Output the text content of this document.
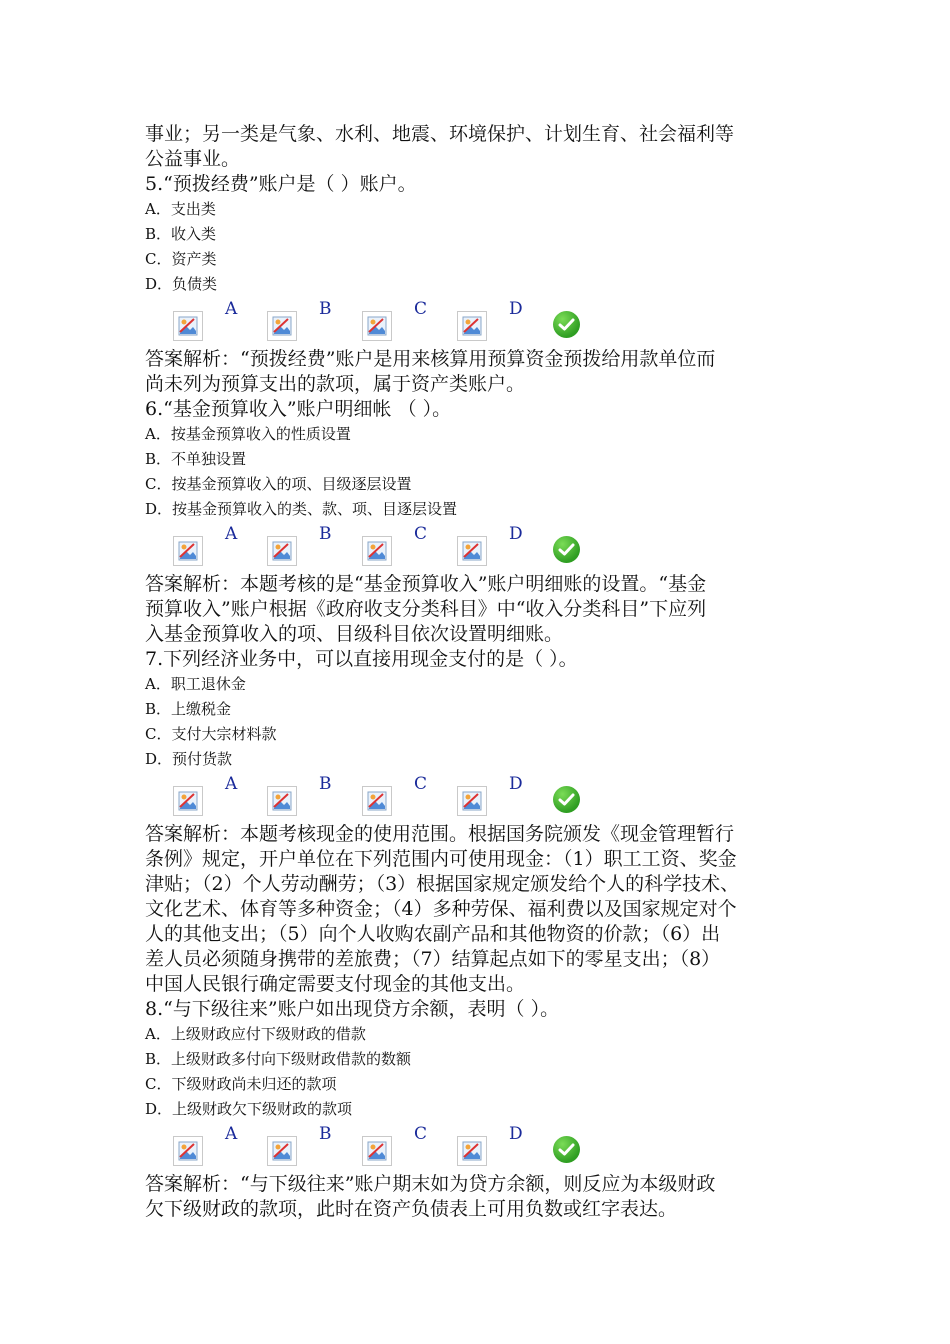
事业；另一类是气象、水利、地震、环境保护、计划生育、社会福利等

公益事业。

5.“预拨经费”账户是（ ）账户。

A．支出类

B．收入类

C．资产类

D．负债类

A	B	C	D

答案解析：“预拨经费”账户是用来核算用预算资金预拨给用款单位而

尚未列为预算支出的款项，属于资产类账户。

6.“基金预算收入”账户明细帐 （ ）。

A．按基金预算收入的性质设置

B．不单独设置

C．按基金预算收入的项、目级逐层设置

D．按基金预算收入的类、款、项、目逐层设置

A	B	C	D

答案解析：本题考核的是“基金预算收入”账户明细账的设置。“基金

预算收入”账户根据《政府收支分类科目》中“收入分类科目”下应列

入基金预算收入的项、目级科目依次设置明细账。

7.下列经济业务中，可以直接用现金支付的是（ ）。

A．职工退休金

B．上缴税金

C．支付大宗材料款

D．预付货款

A	B	C	D

答案解析：本题考核现金的使用范围。根据国务院颁发《现金管理暂行

条例》规定，开户单位在下列范围内可使用现金：（1）职工工资、奖金

津贴；（2）个人劳动酬劳；（3）根据国家规定颁发给个人的科学技术、

文化艺术、体育等多种资金；（4）多种劳保、福利费以及国家规定对个

人的其他支出；（5）向个人收购农副产品和其他物资的价款；（6）出

差人员必须随身携带的差旅费；（7）结算起点如下的零星支出；（8）

中国人民银行确定需要支付现金的其他支出。

8.“与下级往来”账户如出现贷方余额，表明（ ）。

A．上级财政应付下级财政的借款

B．上级财政多付向下级财政借款的数额

C．下级财政尚未归还的款项

D．上级财政欠下级财政的款项

A	B	C	D

答案解析：“与下级往来”账户期末如为贷方余额，则反应为本级财政

欠下级财政的款项，此时在资产负债表上可用负数或红字表达。
